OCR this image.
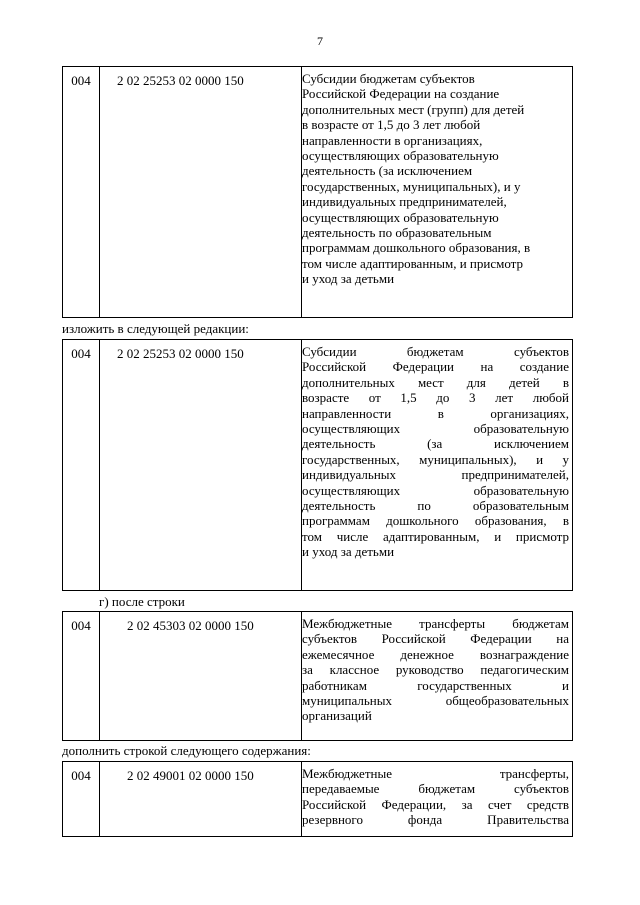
7
004	2 02 25253 02 0000 150	Субсидии бюджетам субъектов
Российской Федерации на создание
дополнительных мест (групп) для детей
в возрасте от 1,5 до 3 лет любой
направленности в организациях,
осуществляющих образовательную
деятельность (за исключением
государственных, муниципальных), и у
индивидуальных предпринимателей,
осуществляющих образовательную
деятельность по образовательным
программам дошкольного образования, в
том числе адаптированным, и присмотр
и уход за детьми
изложить в следующей редакции:
004	2 02 25253 02 0000 150	Субсидии бюджетам субъектов
Российской Федерации на создание
дополнительных мест для детей в
возрасте от 1,5 до 3 лет любой
направленности в организациях,
осуществляющих образовательную
деятельность (за исключением
государственных, муниципальных), и у
индивидуальных предпринимателей,
осуществляющих образовательную
деятельность по образовательным
программам дошкольного образования, в
том числе адаптированным, и присмотр
и уход за детьми
г) после строки
004	2 02 45303 02 0000 150	Межбюджетные трансферты бюджетам
субъектов Российской Федерации на
ежемесячное денежное вознаграждение
за классное руководство педагогическим
работникам государственных и
муниципальных общеобразовательных
организаций
дополнить строкой следующего содержания:
004	2 02 49001 02 0000 150	Межбюджетные трансферты,
передаваемые бюджетам субъектов
Российской Федерации, за счет средств
резервного фонда Правительства
